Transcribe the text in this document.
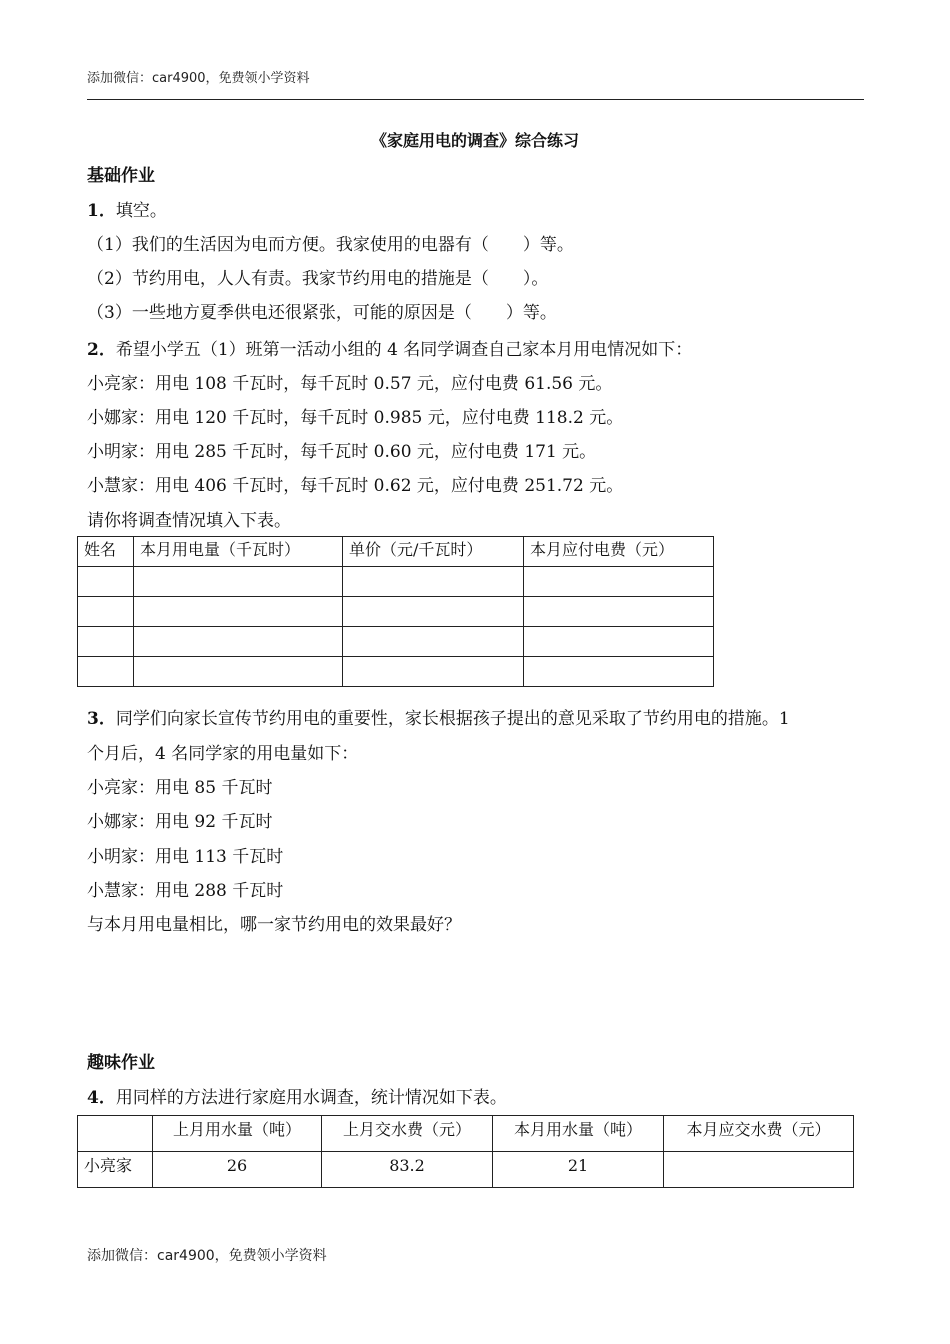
添加微信：car4900，免费领小学资料
《家庭用电的调查》综合练习
基础作业
1．填空。
（1）我们的生活因为电而方便。我家使用的电器有（　　）等。
（2）节约用电，人人有责。我家节约用电的措施是（　　）。
（3）一些地方夏季供电还很紧张，可能的原因是（　　）等。
2．希望小学五（1）班第一活动小组的 4 名同学调查自己家本月用电情况如下：
小亮家：用电 108 千瓦时，每千瓦时 0.57 元，应付电费 61.56 元。
小娜家：用电 120 千瓦时，每千瓦时 0.985 元，应付电费 118.2 元。
小明家：用电 285 千瓦时，每千瓦时 0.60 元，应付电费 171 元。
小慧家：用电 406 千瓦时，每千瓦时 0.62 元，应付电费 251.72 元。
请你将调查情况填入下表。
姓名	本月用电量（千瓦时）	单价（元/千瓦时）	本月应付电费（元）

3．同学们向家长宣传节约用电的重要性，家长根据孩子提出的意见采取了节约用电的措施。1
个月后，4 名同学家的用电量如下：
小亮家：用电 85 千瓦时
小娜家：用电 92 千瓦时
小明家：用电 113 千瓦时
小慧家：用电 288 千瓦时
与本月用电量相比，哪一家节约用电的效果最好？
趣味作业
4．用同样的方法进行家庭用水调查，统计情况如下表。
	上月用水量（吨）	上月交水费（元）	本月用水量（吨）	本月应交水费（元）
小亮家	26	83.2	21	
添加微信：car4900，免费领小学资料
